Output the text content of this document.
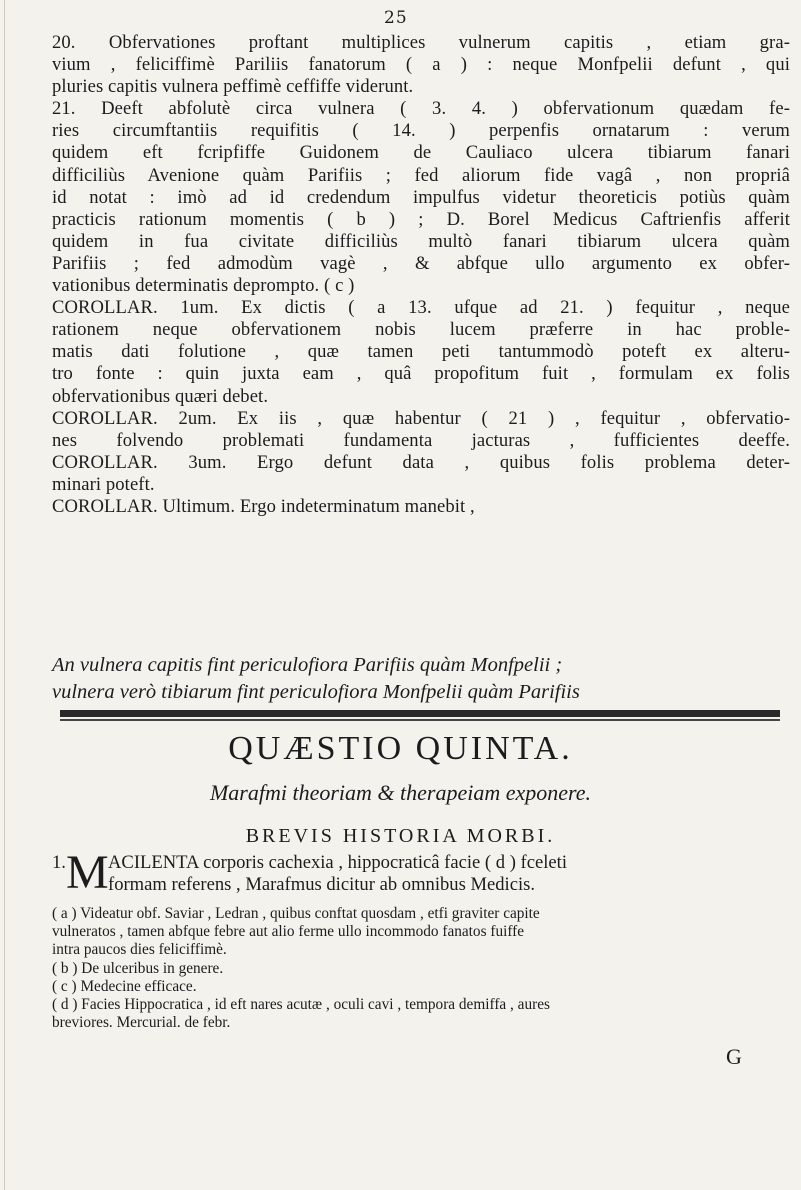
25

20. Obfervationes proftant multiplices vulnerum capitis , etiam gra-

vium , feliciffimè Pariliis fanatorum ( a ) : neque Monfpelii defunt , qui

pluries capitis vulnera peffimè ceffiffe viderunt.

21. Deeft abfolutè circa vulnera ( 3. 4. ) obfervationum quædam fe-

ries circumftantiis requifitis ( 14. ) perpenfis ornatarum : verum

quidem eft fcripfiffe Guidonem de Cauliaco ulcera tibiarum fanari

difficiliùs Avenione quàm Parifiis ; fed aliorum fide vagâ , non propriâ

id notat : imò ad id credendum impulfus videtur theoreticis potiùs quàm

practicis rationum momentis ( b ) ; D. Borel Medicus Caftrienfis afferit

quidem in fua civitate difficiliùs multò fanari tibiarum ulcera quàm

Parifiis ; fed admodùm vagè , & abfque ullo argumento ex obfer-

vationibus determinatis deprompto. ( c )

COROLLAR. 1um. Ex dictis ( a 13. ufque ad 21. ) fequitur , neque

rationem neque obfervationem nobis lucem præferre in hac proble-

matis dati folutione , quæ tamen peti tantummodò poteft ex alteru-

tro fonte : quin juxta eam , quâ propofitum fuit , formulam ex folis

obfervationibus quæri debet.

COROLLAR. 2um. Ex iis , quæ habentur ( 21 ) , fequitur , obfervatio-

nes folvendo problemati fundamenta jacturas , fufficientes deeffe.

COROLLAR. 3um. Ergo defunt data , quibus folis problema deter-

minari poteft.

COROLLAR. Ultimum. Ergo indeterminatum manebit ,

An vulnera capitis fint periculofiora Parifiis quàm Monfpelii ;

vulnera verò tibiarum fint periculofiora Monfpelii quàm Parifiis

QUÆSTIO QUINTA.
Marafmi theoriam & therapeiam exponere.
BREVIS HISTORIA MORBI.
1. M ACILENTA corporis cachexia , hippocraticâ facie ( d ) fceleti
formam referens , Marafmus dicitur ab omnibus Medicis.

( a ) Videatur obf. Saviar , Ledran , quibus conftat quosdam , etfi graviter capite

vulneratos , tamen abfque febre aut alio ferme ullo incommodo fanatos fuiffe

intra paucos dies feliciffimè.

( b ) De ulceribus in genere.

( c ) Medecine efficace.

( d ) Facies Hippocratica , id eft nares acutæ , oculi cavi , tempora demiffa , aures

breviores. Mercurial. de febr.

G
